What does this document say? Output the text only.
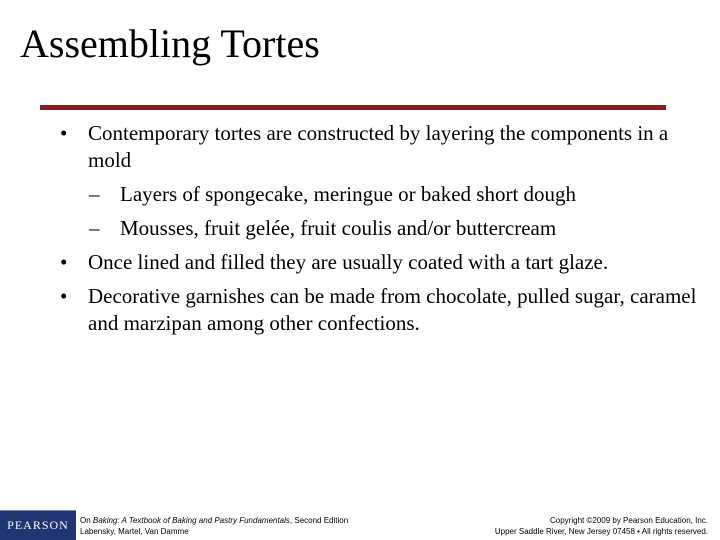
Assembling Tortes
• Contemporary tortes are constructed by layering the components in a mold
– Layers of spongecake, meringue or baked short dough
– Mousses, fruit gelée, fruit coulis and/or buttercream
• Once lined and filled they are usually coated with a tart glaze.
• Decorative garnishes can be made from chocolate, pulled sugar, caramel and marzipan among other confections.
PEARSON	On Baking: A Textbook of Baking and Pastry Fundamentals, Second Edition
Labensky, Martel, Van Damme
Copyright ©2009 by Pearson Education, Inc.
Upper Saddle River, New Jersey 07458 • All rights reserved.
